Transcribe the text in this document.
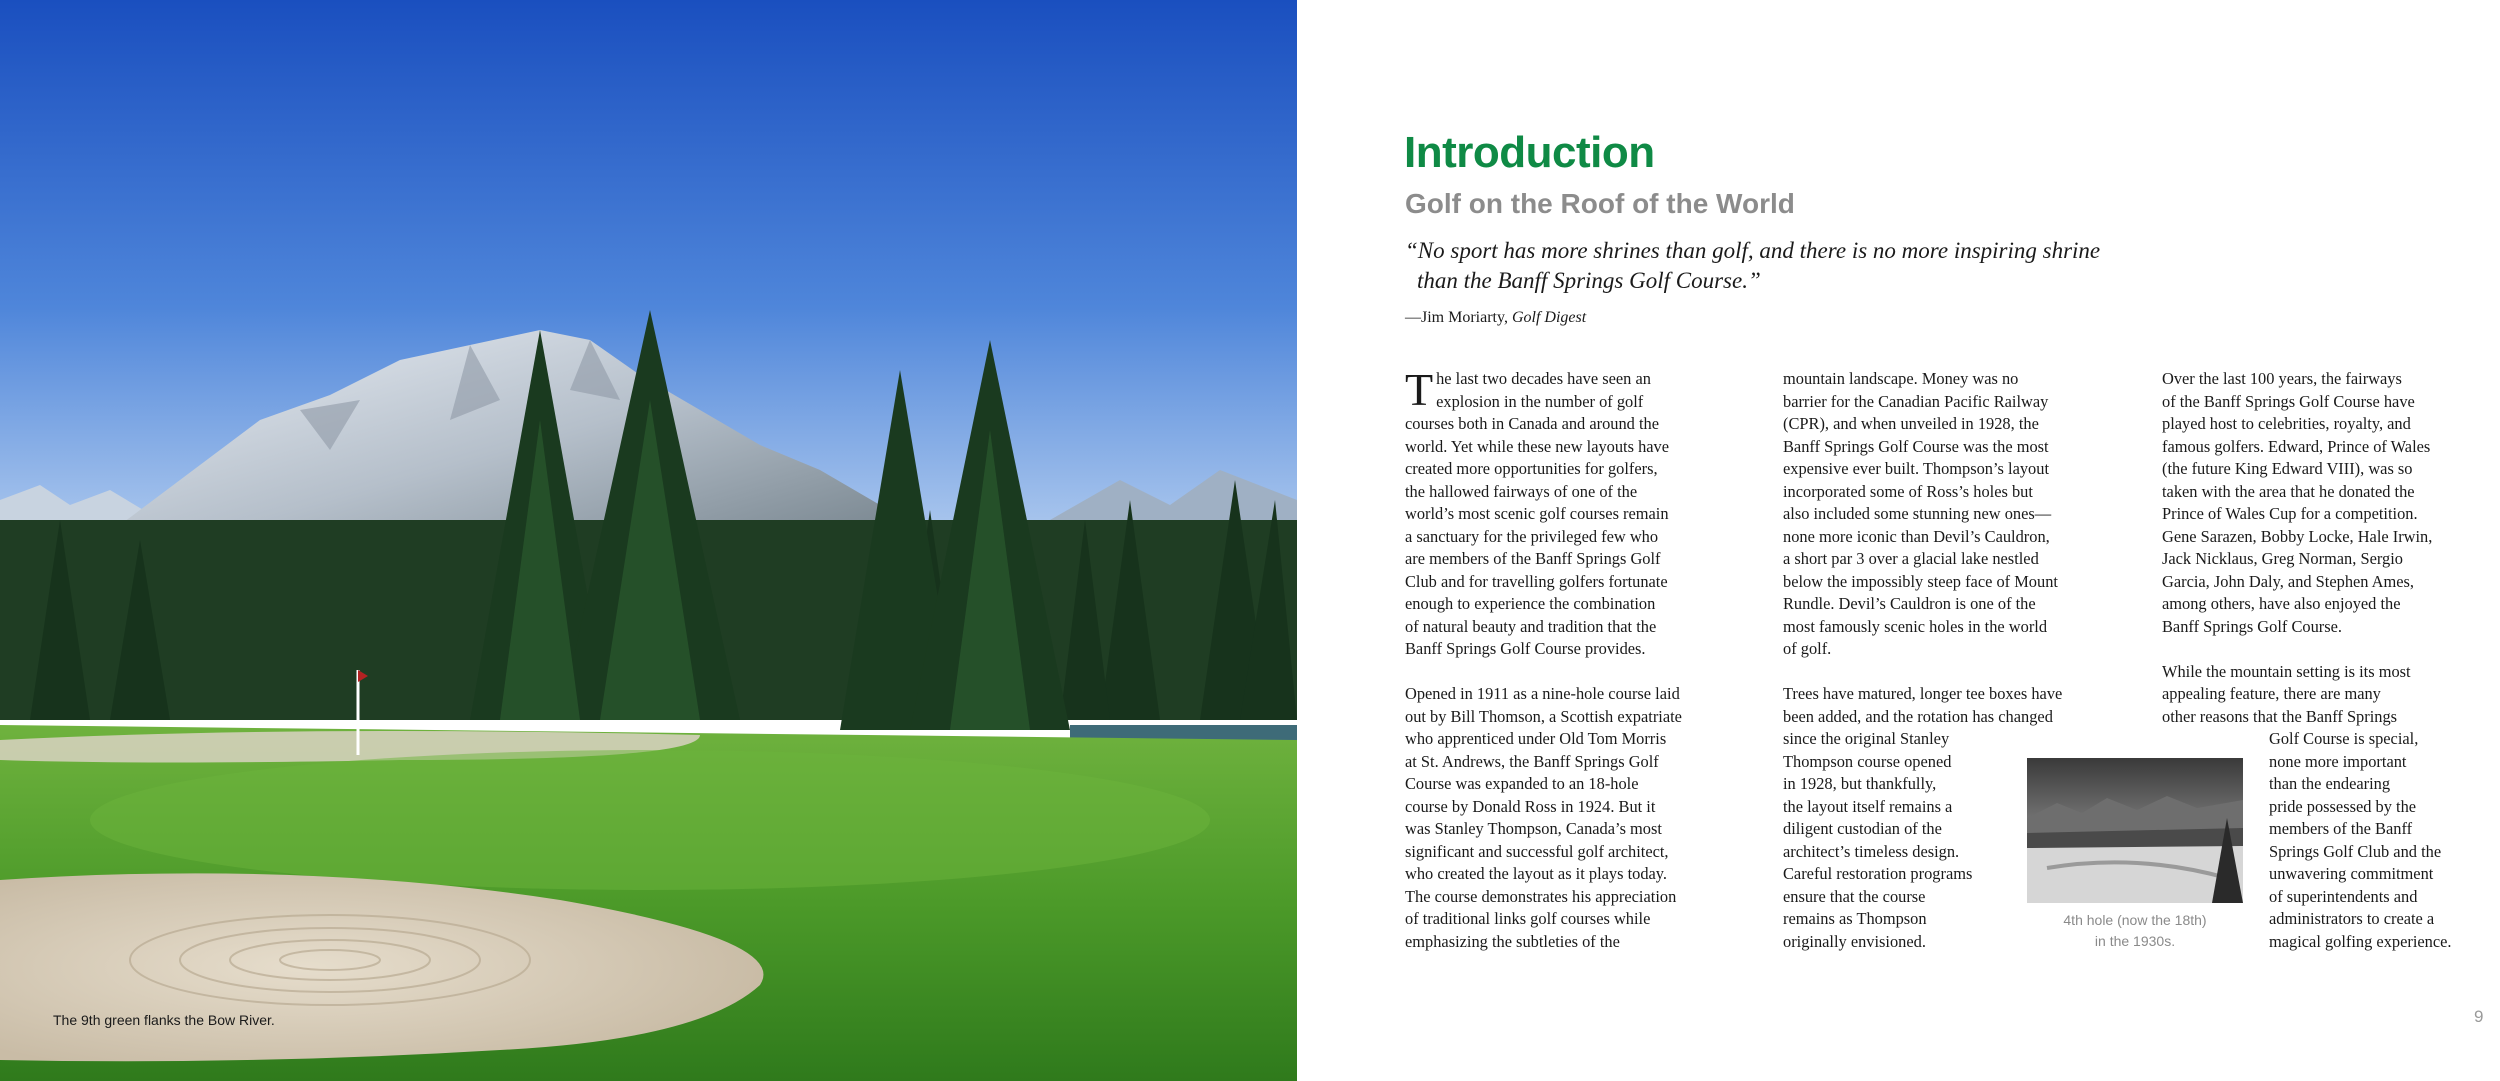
The 9th green flanks the Bow River.
Introduction
Golf on the Roof of the World
“No sport has more shrines than golf, and there is no more inspiring shrine
than the Banff Springs Golf Course.”
—Jim Moriarty, Golf Digest
T he last two decades have seen an
explosion in the number of golf
courses both in Canada and around the
world. Yet while these new layouts have
created more opportunities for golfers,
the hallowed fairways of one of the
world’s most scenic golf courses remain
a sanctuary for the privileged few who
are members of the Banff Springs Golf
Club and for travelling golfers fortunate
enough to experience the combination
of natural beauty and tradition that the
Banff Springs Golf Course provides.
Opened in 1911 as a nine-hole course laid
out by Bill Thomson, a Scottish expatriate
who apprenticed under Old Tom Morris
at St. Andrews, the Banff Springs Golf
Course was expanded to an 18-hole
course by Donald Ross in 1924. But it
was Stanley Thompson, Canada’s most
significant and successful golf architect,
who created the layout as it plays today.
The course demonstrates his appreciation
of traditional links golf courses while
emphasizing the subtleties of the
mountain landscape. Money was no
barrier for the Canadian Pacific Railway
(CPR), and when unveiled in 1928, the
Banff Springs Golf Course was the most
expensive ever built. Thompson’s layout
incorporated some of Ross’s holes but
also included some stunning new ones—
none more iconic than Devil’s Cauldron,
a short par 3 over a glacial lake nestled
below the impossibly steep face of Mount
Rundle. Devil’s Cauldron is one of the
most famously scenic holes in the world
of golf.
Trees have matured, longer tee boxes have
been added, and the rotation has changed
since the original Stanley
Thompson course opened
in 1928, but thankfully,
the layout itself remains a
diligent custodian of the
architect’s timeless design.
Careful restoration programs
ensure that the course
remains as Thompson
originally envisioned.
Over the last 100 years, the fairways
of the Banff Springs Golf Course have
played host to celebrities, royalty, and
famous golfers. Edward, Prince of Wales
(the future King Edward VIII), was so
taken with the area that he donated the
Prince of Wales Cup for a competition.
Gene Sarazen, Bobby Locke, Hale Irwin,
Jack Nicklaus, Greg Norman, Sergio
Garcia, John Daly, and Stephen Ames,
among others, have also enjoyed the
Banff Springs Golf Course.
While the mountain setting is its most
appealing feature, there are many
other reasons that the Banff Springs
Golf Course is special,
none more important
than the endearing
pride possessed by the
members of the Banff
Springs Golf Club and the
unwavering commitment
of superintendents and
administrators to create a
magical golfing experience.
4th hole (now the 18th)
in the 1930s.
9
